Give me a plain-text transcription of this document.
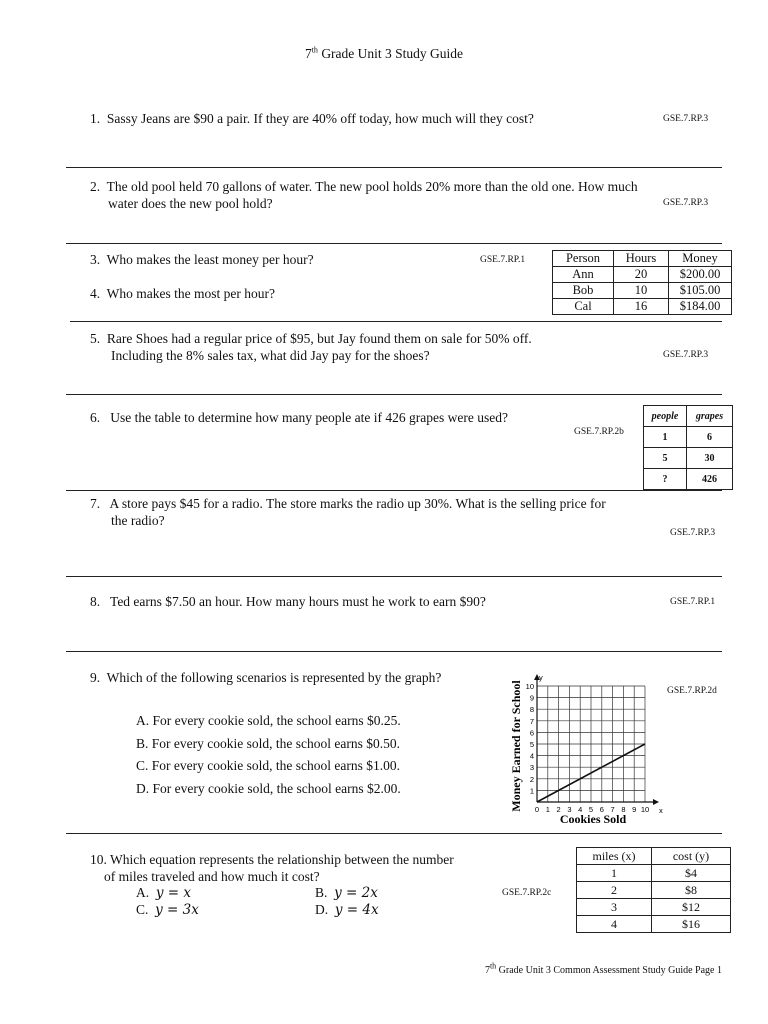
7th Grade Unit 3 Study Guide
1. Sassy Jeans are $90 a pair. If they are 40% off today, how much will they cost?	GSE.7.RP.3
2. The old pool held 70 gallons of water. The new pool holds 20% more than the old one. How much
water does the new pool hold?	GSE.7.RP.3
3. Who makes the least money per hour?	GSE.7.RP.1
4. Who makes the most per hour?
Person	Hours	Money
Ann	20	$200.00
Bob	10	$105.00
Cal	16	$184.00
5. Rare Shoes had a regular price of $95, but Jay found them on sale for 50% off.
Including the 8% sales tax, what did Jay pay for the shoes?	GSE.7.RP.3
6. Use the table to determine how many people ate if 426 grapes were used?
GSE.7.RP.2b
people	grapes
1	6
5	30
?	426
7. A store pays $45 for a radio. The store marks the radio up 30%. What is the selling price for
the radio?
GSE.7.RP.3
8. Ted earns $7.50 an hour. How many hours must he work to earn $90?	GSE.7.RP.1
9. Which of the following scenarios is represented by the graph?
GSE.7.RP.2d
A. For every cookie sold, the school earns $0.25.
B. For every cookie sold, the school earns $0.50.
C. For every cookie sold, the school earns $1.00.
D. For every cookie sold, the school earns $2.00.
0 1 2 3 4 5 6 7 8 9 10
1
2
3
4
5
6
7
8
9
10
x
y
Cookies Sold
Money Earned for School
10. Which equation represents the relationship between the number
of miles traveled and how much it cost?
A. y = x	B. y = 2x
C. y = 3x	D. y = 4x
GSE.7.RP.2c
miles (x)	cost (y)
1	$4
2	$8
3	$12
4	$16
7th Grade Unit 3 Common Assessment Study Guide Page 1
